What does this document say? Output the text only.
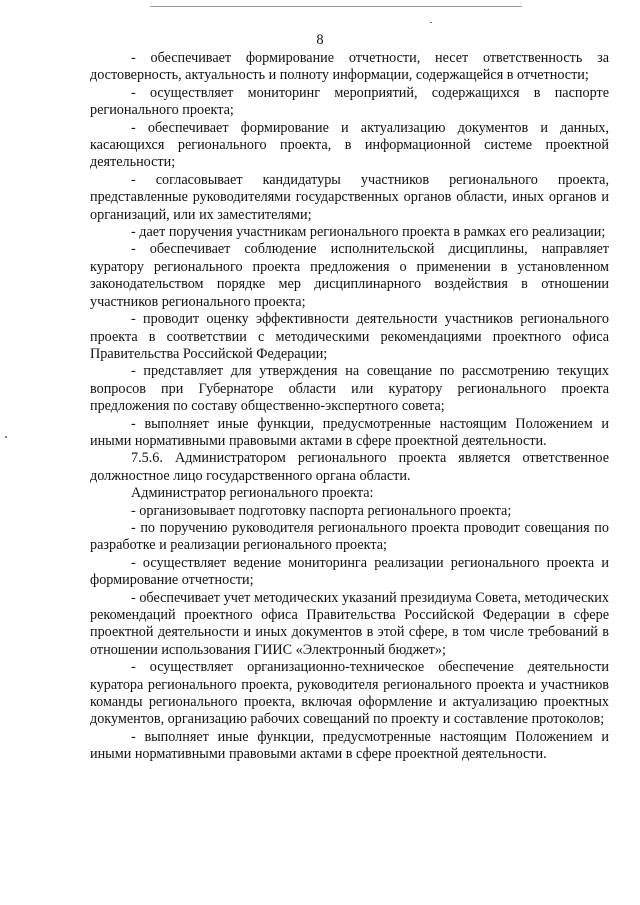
8

- обеспечивает формирование отчетности, несет ответственность за достоверность, актуальность и полноту информации, содержащейся в отчетности;

- осуществляет мониторинг мероприятий, содержащихся в паспорте регионального проекта;

- обеспечивает формирование и актуализацию документов и данных, касающихся регионального проекта, в информационной системе проектной деятельности;

- согласовывает кандидатуры участников регионального проекта, представленные руководителями государственных органов области, иных органов и организаций, или их заместителями;

- дает поручения участникам регионального проекта в рамках его реализации;

- обеспечивает соблюдение исполнительской дисциплины, направляет куратору регионального проекта предложения о применении в установленном законодательством порядке мер дисциплинарного воздействия в отношении участников регионального проекта;

- проводит оценку эффективности деятельности участников регионального проекта в соответствии с методическими рекомендациями проектного офиса Правительства Российской Федерации;

- представляет для утверждения на совещание по рассмотрению текущих вопросов при Губернаторе области или куратору регионального проекта предложения по составу общественно-экспертного совета;

- выполняет иные функции, предусмотренные настоящим Положением и иными нормативными правовыми актами в сфере проектной деятельности.

7.5.6. Администратором регионального проекта является ответственное должностное лицо государственного органа области.

Администратор регионального проекта:

- организовывает подготовку паспорта регионального проекта;

- по поручению руководителя регионального проекта проводит совещания по разработке и реализации регионального проекта;

- осуществляет ведение мониторинга реализации регионального проекта и формирование отчетности;

- обеспечивает учет методических указаний президиума Совета, методических рекомендаций проектного офиса Правительства Российской Федерации в сфере проектной деятельности и иных документов в этой сфере, в том числе требований в отношении использования ГИИС «Электронный бюджет»;

- осуществляет организационно-техническое обеспечение деятельности куратора регионального проекта, руководителя регионального проекта и участников команды регионального проекта, включая оформление и актуализацию проектных документов, организацию рабочих совещаний по проекту и составление протоколов;

- выполняет иные функции, предусмотренные настоящим Положением и иными нормативными правовыми актами в сфере проектной деятельности.
